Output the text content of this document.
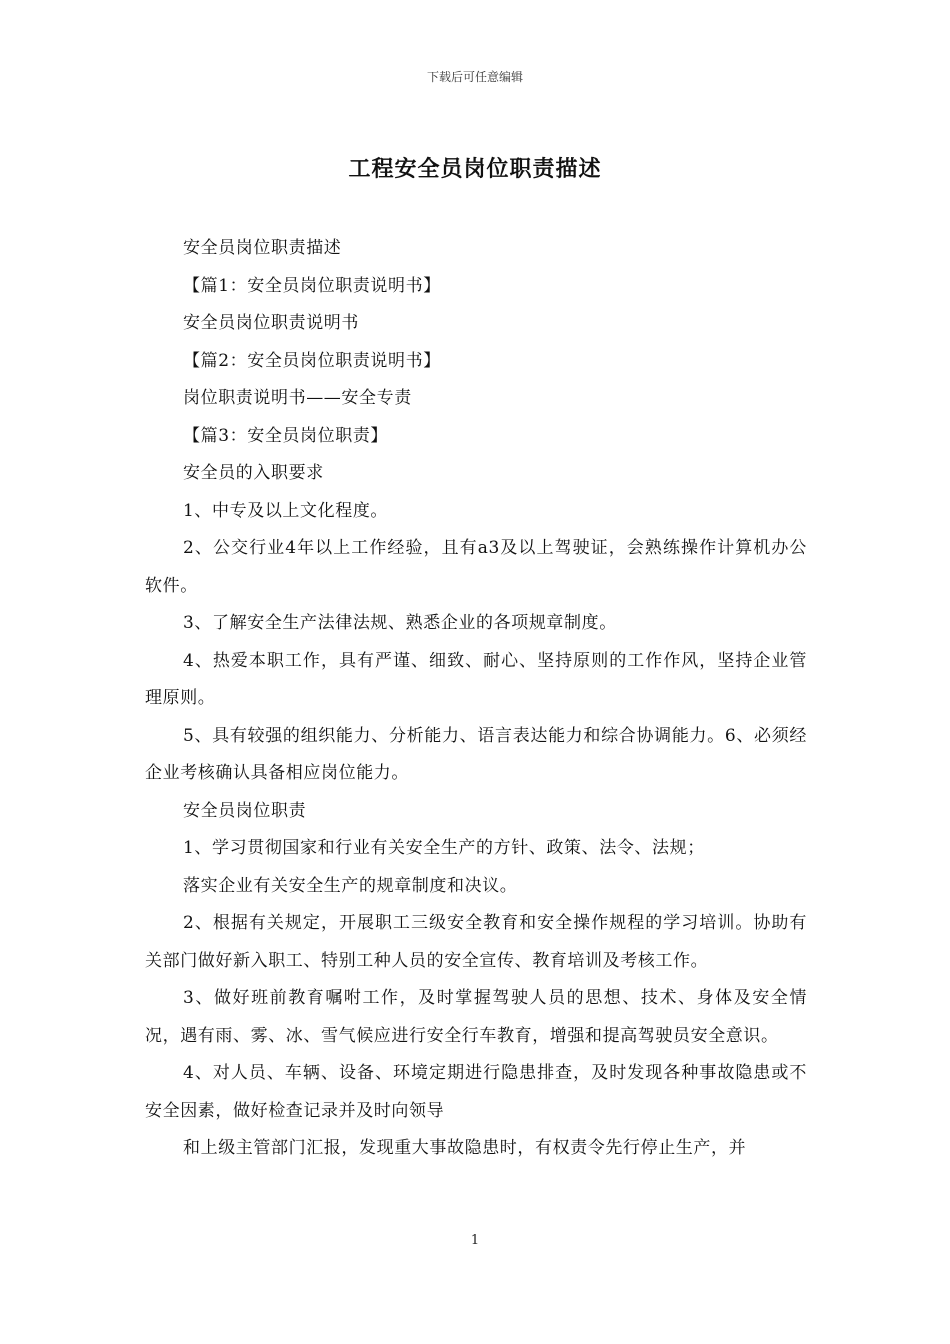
下载后可任意编辑
工程安全员岗位职责描述

安全员岗位职责描述

【篇1：安全员岗位职责说明书】

安全员岗位职责说明书

【篇2：安全员岗位职责说明书】

岗位职责说明书——安全专责

【篇3：安全员岗位职责】

安全员的入职要求

1、中专及以上文化程度。

2、公交行业4年以上工作经验，且有a3及以上驾驶证，会熟练操作计算机办公软件。

3、了解安全生产法律法规、熟悉企业的各项规章制度。

4、热爱本职工作，具有严谨、细致、耐心、坚持原则的工作作风，坚持企业管理原则。

5、具有较强的组织能力、分析能力、语言表达能力和综合协调能力。6、必须经企业考核确认具备相应岗位能力。

安全员岗位职责

1、学习贯彻国家和行业有关安全生产的方针、政策、法令、法规；

落实企业有关安全生产的规章制度和决议。

2、根据有关规定，开展职工三级安全教育和安全操作规程的学习培训。协助有关部门做好新入职工、特别工种人员的安全宣传、教育培训及考核工作。

3、做好班前教育嘱咐工作，及时掌握驾驶人员的思想、技术、身体及安全情况，遇有雨、雾、冰、雪气候应进行安全行车教育，增强和提高驾驶员安全意识。

4、对人员、车辆、设备、环境定期进行隐患排查，及时发现各种事故隐患或不安全因素，做好检查记录并及时向领导

和上级主管部门汇报，发现重大事故隐患时，有权责令先行停止生产，并

1
